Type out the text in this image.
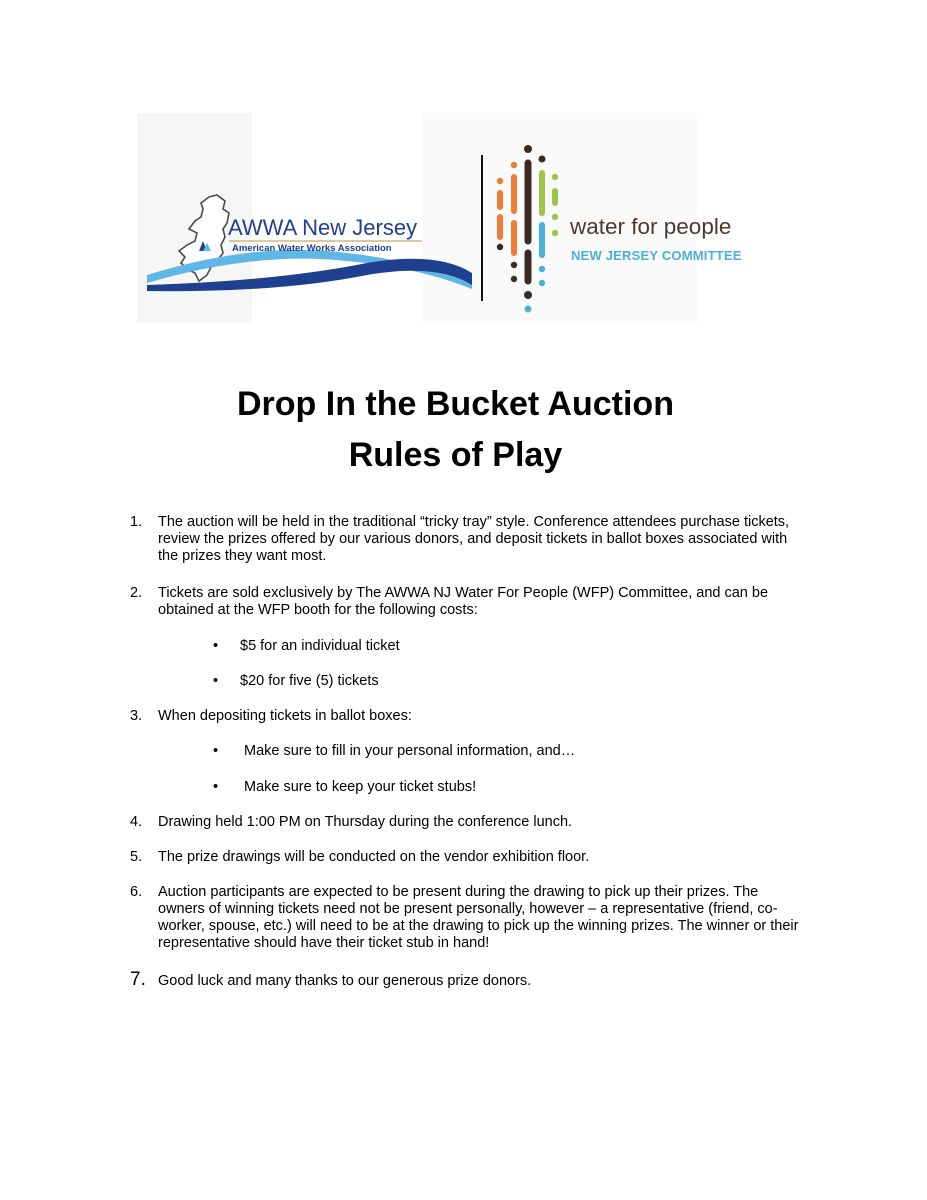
AWWA New Jersey
American Water Works Association
water for people
NEW JERSEY COMMITTEE
Drop In the Bucket Auction
Rules of Play
1. The auction will be held in the traditional “tricky tray” style. Conference attendees purchase tickets,
review the prizes offered by our various donors, and deposit tickets in ballot boxes associated with
the prizes they want most.
2. Tickets are sold exclusively by The AWWA NJ Water For People (WFP) Committee, and can be
obtained at the WFP booth for the following costs:
• $5 for an individual ticket
• $20 for five (5) tickets
3. When depositing tickets in ballot boxes:
• Make sure to fill in your personal information, and…
• Make sure to keep your ticket stubs!
4. Drawing held 1:00 PM on Thursday during the conference lunch.
5. The prize drawings will be conducted on the vendor exhibition floor.
6. Auction participants are expected to be present during the drawing to pick up their prizes. The
owners of winning tickets need not be present personally, however – a representative (friend, co-
worker, spouse, etc.) will need to be at the drawing to pick up the winning prizes. The winner or their
representative should have their ticket stub in hand!
7. Good luck and many thanks to our generous prize donors.
